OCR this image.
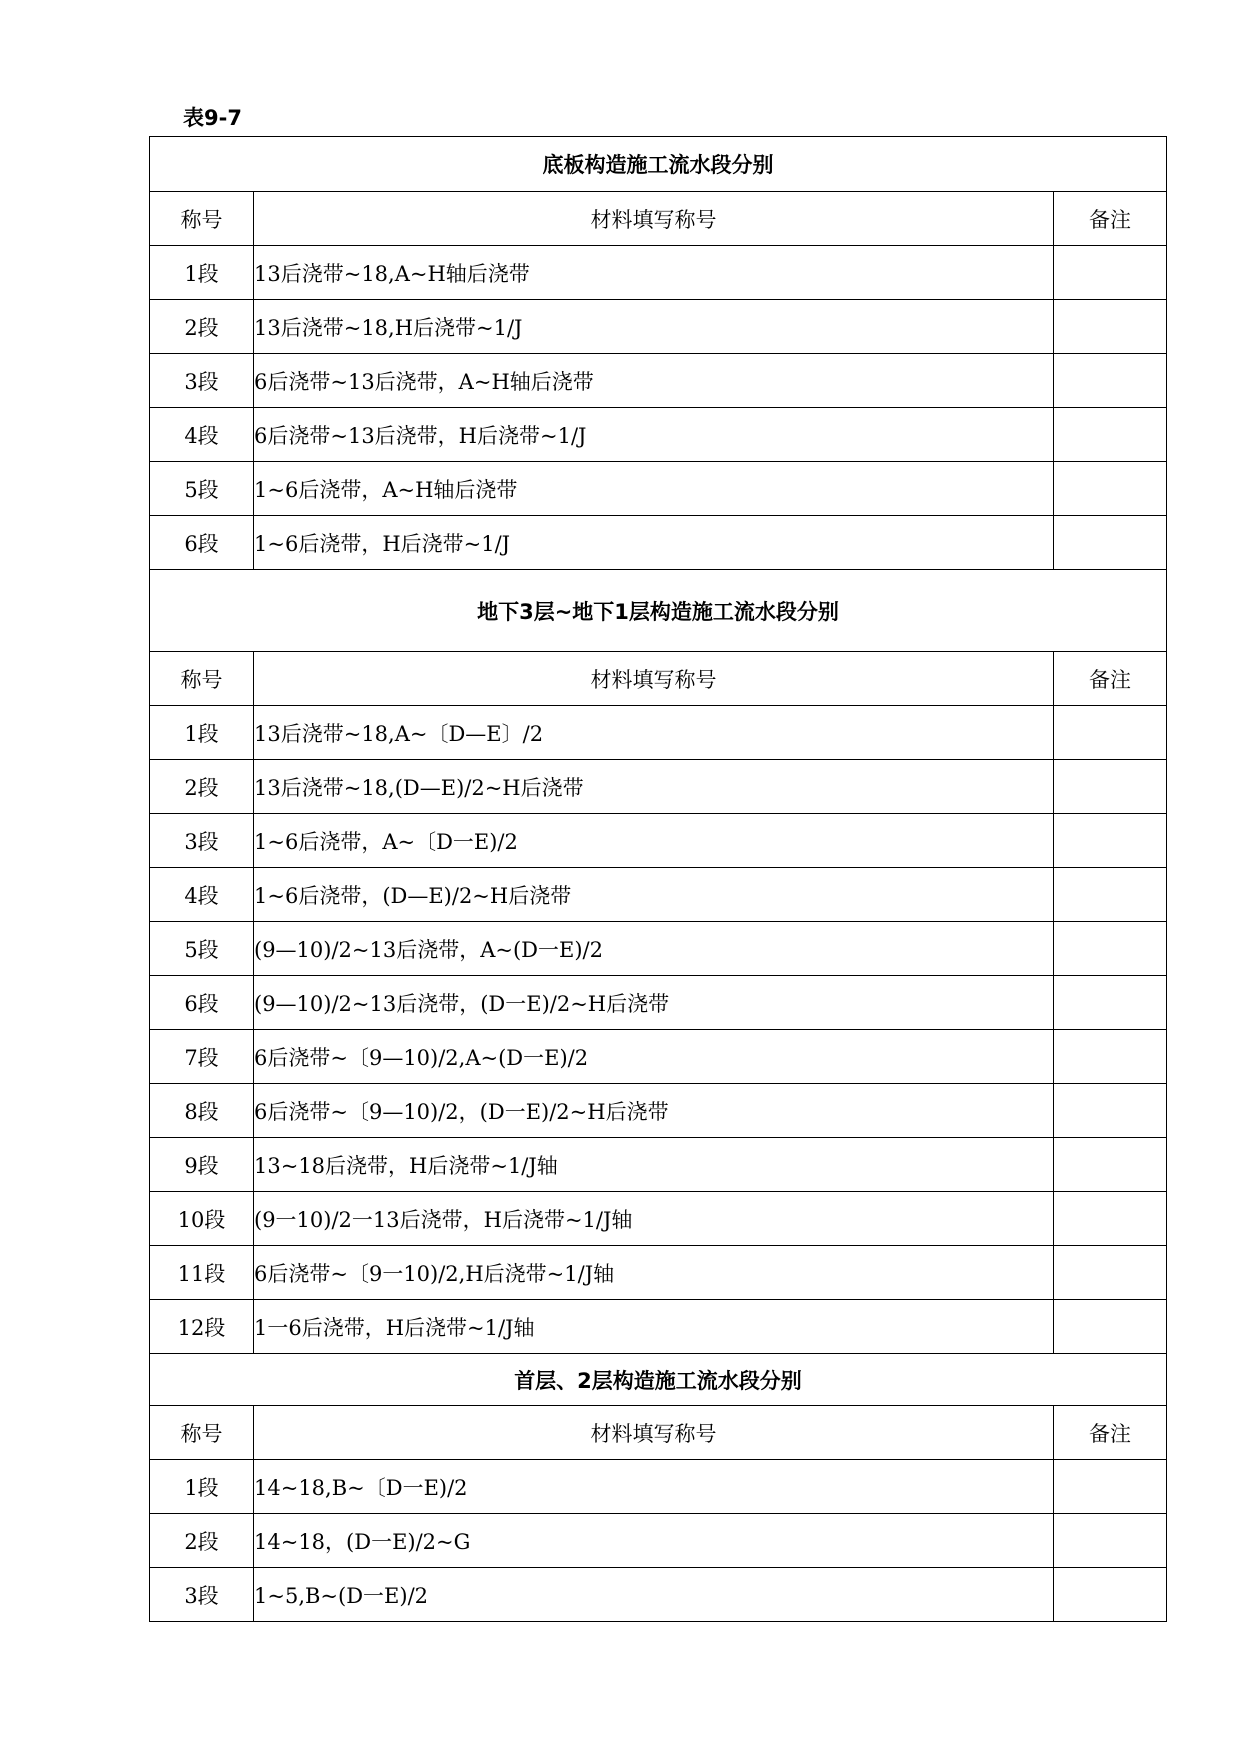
表9-7
底板构造施工流水段分别		
称号	材料填写称号	备注
1段	13后浇带~18,A~H轴后浇带	
2段	13后浇带~18,H后浇带~1/J	
3段	6后浇带~13后浇带，A~H轴后浇带	
4段	6后浇带~13后浇带，H后浇带~1/J	
5段	1~6后浇带，A~H轴后浇带	
6段	1~6后浇带，H后浇带~1/J	
地下3层~地下1层构造施工流水段分别		
称号	材料填写称号	备注
1段	13后浇带~18,A~〔D—E〕/2	
2段	13后浇带~18,(D—E)/2~H后浇带	
3段	1~6后浇带，A~〔D一E)/2	
4段	1~6后浇带，(D—E)/2~H后浇带	
5段	(9—10)/2~13后浇带，A~(D一E)/2	
6段	(9—10)/2~13后浇带，(D一E)/2~H后浇带	
7段	6后浇带~〔9—10)/2,A~(D一E)/2	
8段	6后浇带~〔9—10)/2，(D一E)/2~H后浇带	
9段	13~18后浇带，H后浇带~1/J轴	
10段	(9一10)/2一13后浇带，H后浇带~1/J轴	
11段	6后浇带~〔9一10)/2,H后浇带~1/J轴	
12段	1一6后浇带，H后浇带~1/J轴	
首层、2层构造施工流水段分别		
称号	材料填写称号	备注
1段	14~18,B~〔D一E)/2	
2段	14~18，(D一E)/2~G	
3段	1~5,B~(D一E)/2	
